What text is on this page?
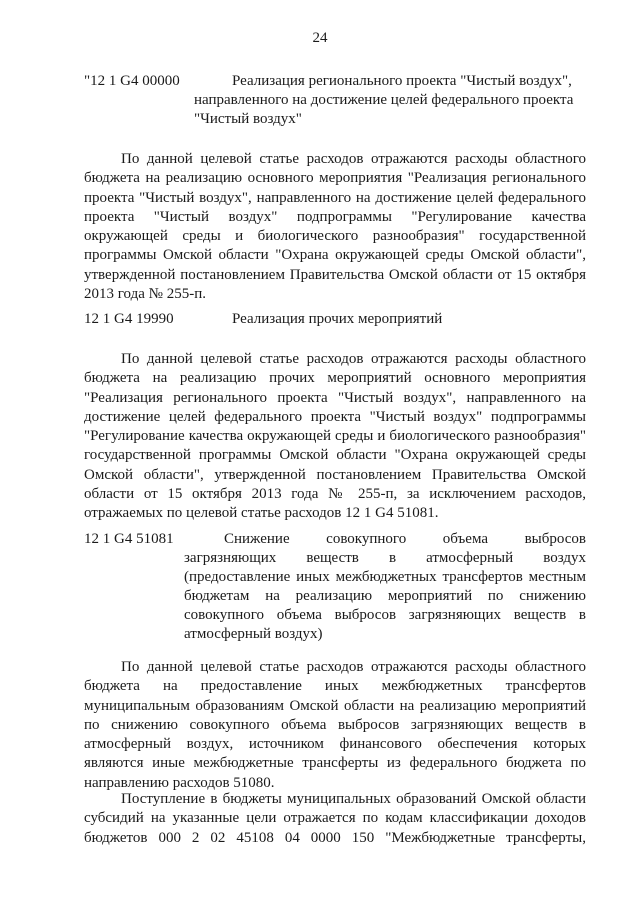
24
"12 1 G4 00000	Реализация регионального проекта "Чистый воздух",
направленного на достижение целей федерального проекта
"Чистый воздух"
По данной целевой статье расходов отражаются расходы областного
бюджета на реализацию основного мероприятия "Реализация регионального
проекта "Чистый воздух", направленного на достижение целей федерального
проекта "Чистый воздух" подпрограммы "Регулирование качества
окружающей среды и биологического разнообразия" государственной
программы Омской области "Охрана окружающей среды Омской области",
утвержденной постановлением Правительства Омской области от 15 октября
2013 года № 255-п.
12 1 G4 19990	Реализация прочих мероприятий
По данной целевой статье расходов отражаются расходы областного
бюджета на реализацию прочих мероприятий основного мероприятия
"Реализация регионального проекта "Чистый воздух", направленного на
достижение целей федерального проекта "Чистый воздух" подпрограммы
"Регулирование качества окружающей среды и биологического разнообразия"
государственной программы Омской области "Охрана окружающей среды
Омской области", утвержденной постановлением Правительства Омской
области от 15 октября 2013 года № 255-п, за исключением расходов,
отражаемых по целевой статье расходов 12 1 G4 51081.
12 1 G4 51081	Снижение совокупного объема выбросов
загрязняющих веществ в атмосферный воздух
(предоставление иных межбюджетных трансфертов местным
бюджетам на реализацию мероприятий по снижению
совокупного объема выбросов загрязняющих веществ в
атмосферный воздух)
По данной целевой статье расходов отражаются расходы областного
бюджета на предоставление иных межбюджетных трансфертов
муниципальным образованиям Омской области на реализацию мероприятий
по снижению совокупного объема выбросов загрязняющих веществ в
атмосферный воздух, источником финансового обеспечения которых
являются иные межбюджетные трансферты из федерального бюджета по
направлению расходов 51080.
Поступление в бюджеты муниципальных образований Омской области
субсидий на указанные цели отражается по кодам классификации доходов
бюджетов 000 2 02 45108 04 0000 150 "Межбюджетные трансферты,
